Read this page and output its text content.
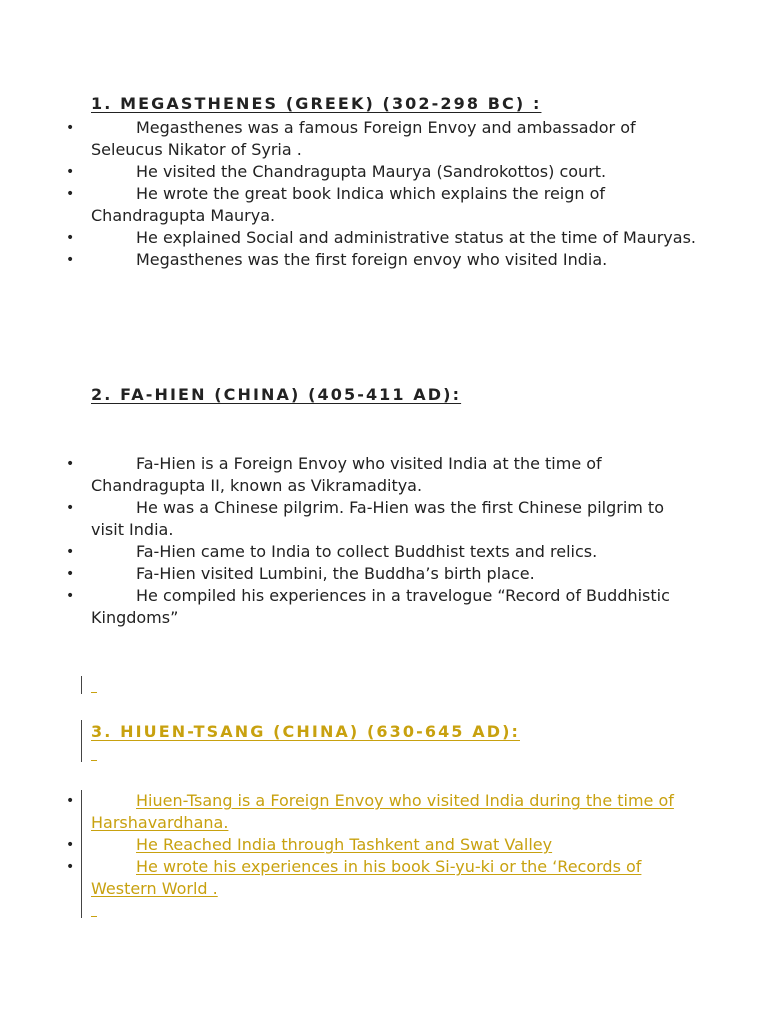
1. MEGASTHENES (GREEK) (302-298 BC) :
•	Megasthenes was a famous Foreign Envoy and ambassador of Seleucus Nikator of Syria .
•	He visited the Chandragupta Maurya (Sandrokottos) court.
•	He wrote the great book Indica which explains the reign of Chandragupta Maurya.
•	He explained Social and administrative status at the time of Mauryas.
•	Megasthenes was the first foreign envoy who visited India.
2. FA-HIEN (CHINA) (405-411 AD):
•	Fa-Hien is a Foreign Envoy who visited India at the time of Chandragupta II, known as Vikramaditya.
•	He was a Chinese pilgrim. Fa-Hien was the first Chinese pilgrim to visit India.
•	Fa-Hien came to India to collect Buddhist texts and relics.
•	Fa-Hien visited Lumbini, the Buddha’s birth place.
•	He compiled his experiences in a travelogue “Record of Buddhistic Kingdoms”
3. HIUEN-TSANG (CHINA) (630-645 AD):
•	Hiuen-Tsang is a Foreign Envoy who visited India during the time of Harshavardhana.
•	He Reached India through Tashkent and Swat Valley
•	He wrote his experiences in his book Si-yu-ki or the ‘Records of Western World .
